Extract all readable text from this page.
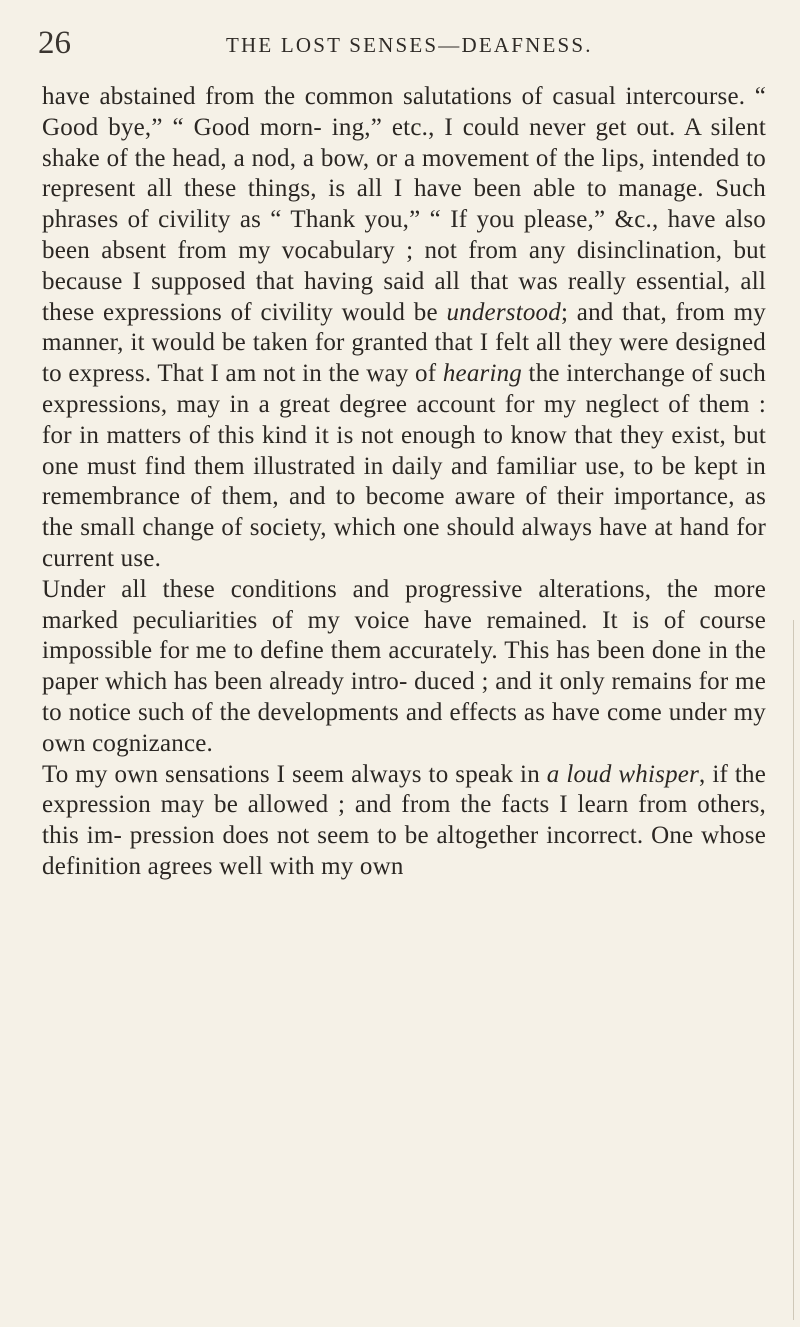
26	THE LOST SENSES—DEAFNESS.

have abstained from the common salutations of casual intercourse. “ Good bye,” “ Good morn- ing,” etc., I could never get out. A silent shake of the head, a nod, a bow, or a movement of the lips, intended to represent all these things, is all I have been able to manage. Such phrases of civility as “ Thank you,” “ If you please,” &c., have also been absent from my vocabulary ; not from any disinclination, but because I supposed that having said all that was really essential, all these expressions of civility would be understood; and that, from my manner, it would be taken for granted that I felt all they were designed to express. That I am not in the way of hearing the interchange of such expressions, may in a great degree account for my neglect of them : for in matters of this kind it is not enough to know that they exist, but one must find them illustrated in daily and familiar use, to be kept in remembrance of them, and to become aware of their importance, as the small change of society, which one should always have at hand for current use.

Under all these conditions and progressive alterations, the more marked peculiarities of my voice have remained. It is of course impossible for me to define them accurately. This has been done in the paper which has been already intro- duced ; and it only remains for me to notice such of the developments and effects as have come under my own cognizance.

To my own sensations I seem always to speak in a loud whisper, if the expression may be allowed ; and from the facts I learn from others, this im- pression does not seem to be altogether incorrect. One whose definition agrees well with my own
